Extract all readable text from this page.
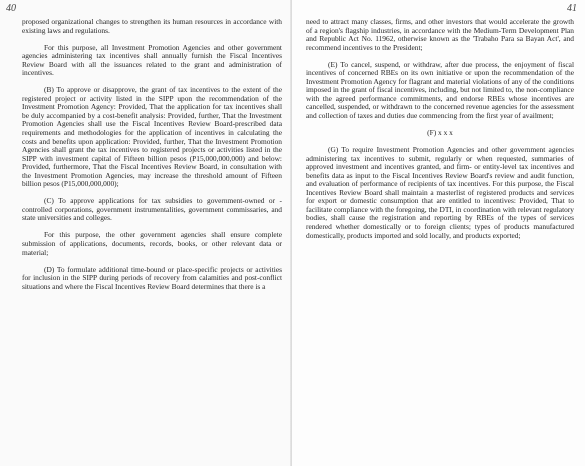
40

proposed organizational changes to strengthen its human resources in accordance with existing laws and regulations.

For this purpose, all Investment Promotion Agencies and other government agencies administering tax incentives shall annually furnish the Fiscal Incentives Review Board with all the issuances related to the grant and administration of incentives.

(B) To approve or disapprove, the grant of tax incentives to the extent of the registered project or activity listed in the SIPP upon the recommendation of the Investment Promotion Agency: Provided, That the application for tax incentives shall be duly accompanied by a cost-benefit analysis: Provided, further, That the Investment Promotion Agencies shall use the Fiscal Incentives Review Board-prescribed data requirements and methodologies for the application of incentives in calculating the costs and benefits upon application: Provided, further, That the Investment Promotion Agencies shall grant the tax incentives to registered projects or activities listed in the SIPP with investment capital of Fifteen billion pesos (P15,000,000,000) and below: Provided, furthermore, That the Fiscal Incentives Review Board, in consultation with the Investment Promotion Agencies, may increase the threshold amount of Fifteen billion pesos (P15,000,000,000);

(C) To approve applications for tax subsidies to government-owned or -controlled corporations, government instrumentalities, government commissaries, and state universities and colleges.

For this purpose, the other government agencies shall ensure complete submission of applications, documents, records, books, or other relevant data or material;

(D) To formulate additional time-bound or place-specific projects or activities for inclusion in the SIPP during periods of recovery from calamities and post-conflict situations and where the Fiscal Incentives Review Board determines that there is a

41

need to attract many classes, firms, and other investors that would accelerate the growth of a region's flagship industries, in accordance with the Medium-Term Development Plan and Republic Act No. 11962, otherwise known as the 'Trabaho Para sa Bayan Act', and recommend incentives to the President;

(E) To cancel, suspend, or withdraw, after due process, the enjoyment of fiscal incentives of concerned RBEs on its own initiative or upon the recommendation of the Investment Promotion Agency for flagrant and material violations of any of the conditions imposed in the grant of fiscal incentives, including, but not limited to, the non-compliance with the agreed performance commitments, and endorse RBEs whose incentives are cancelled, suspended, or withdrawn to the concerned revenue agencies for the assessment and collection of taxes and duties due commencing from the first year of availment;

(F) x x x

(G) To require Investment Promotion Agencies and other government agencies administering tax incentives to submit, regularly or when requested, summaries of approved investment and incentives granted, and firm- or entity-level tax incentives and benefits data as input to the Fiscal Incentives Review Board's review and audit function, and evaluation of performance of recipients of tax incentives. For this purpose, the Fiscal Incentives Review Board shall maintain a masterlist of registered products and services for export or domestic consumption that are entitled to incentives: Provided, That to facilitate compliance with the foregoing, the DTI, in coordination with relevant regulatory bodies, shall cause the registration and reporting by RBEs of the types of services rendered whether domestically or to foreign clients; types of products manufactured domestically, products imported and sold locally, and products exported;
